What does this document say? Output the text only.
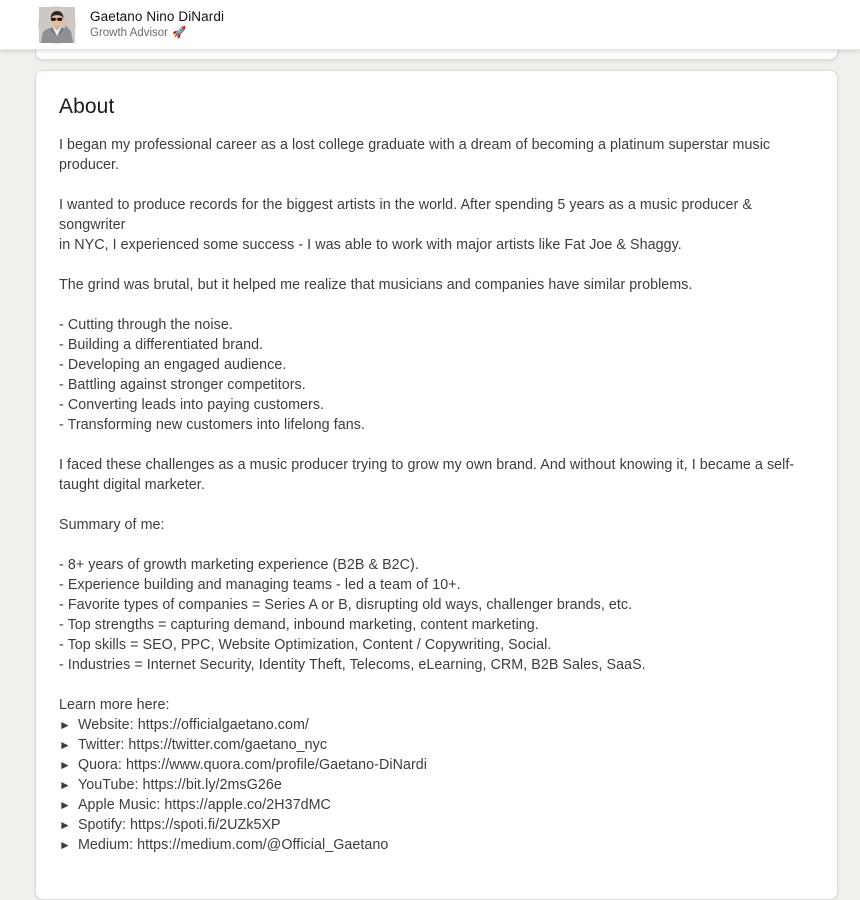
Gaetano Nino DiNardi
Growth Advisor 🚀
About
I began my professional career as a lost college graduate with a dream of becoming a platinum superstar music producer.
I wanted to produce records for the biggest artists in the world. After spending 5 years as a music producer & songwriter
in NYC, I experienced some success - I was able to work with major artists like Fat Joe & Shaggy.
The grind was brutal, but it helped me realize that musicians and companies have similar problems.
- Cutting through the noise.
- Building a differentiated brand.
- Developing an engaged audience.
- Battling against stronger competitors.
- Converting leads into paying customers.
- Transforming new customers into lifelong fans.
I faced these challenges as a music producer trying to grow my own brand. And without knowing it, I became a self-
taught digital marketer.
Summary of me:
- 8+ years of growth marketing experience (B2B & B2C).
- Experience building and managing teams - led a team of 10+.
- Favorite types of companies = Series A or B, disrupting old ways, challenger brands, etc.
- Top strengths = capturing demand, inbound marketing, content marketing.
- Top skills = SEO, PPC, Website Optimization, Content / Copywriting, Social.
- Industries = Internet Security, Identity Theft, Telecoms, eLearning, CRM, B2B Sales, SaaS.
Learn more here:
► Website: https://officialgaetano.com/
► Twitter: https://twitter.com/gaetano_nyc
► Quora: https://www.quora.com/profile/Gaetano-DiNardi
► YouTube: https://bit.ly/2msG26e
► Apple Music: https://apple.co/2H37dMC
► Spotify: https://spoti.fi/2UZk5XP
► Medium: https://medium.com/@Official_Gaetano
